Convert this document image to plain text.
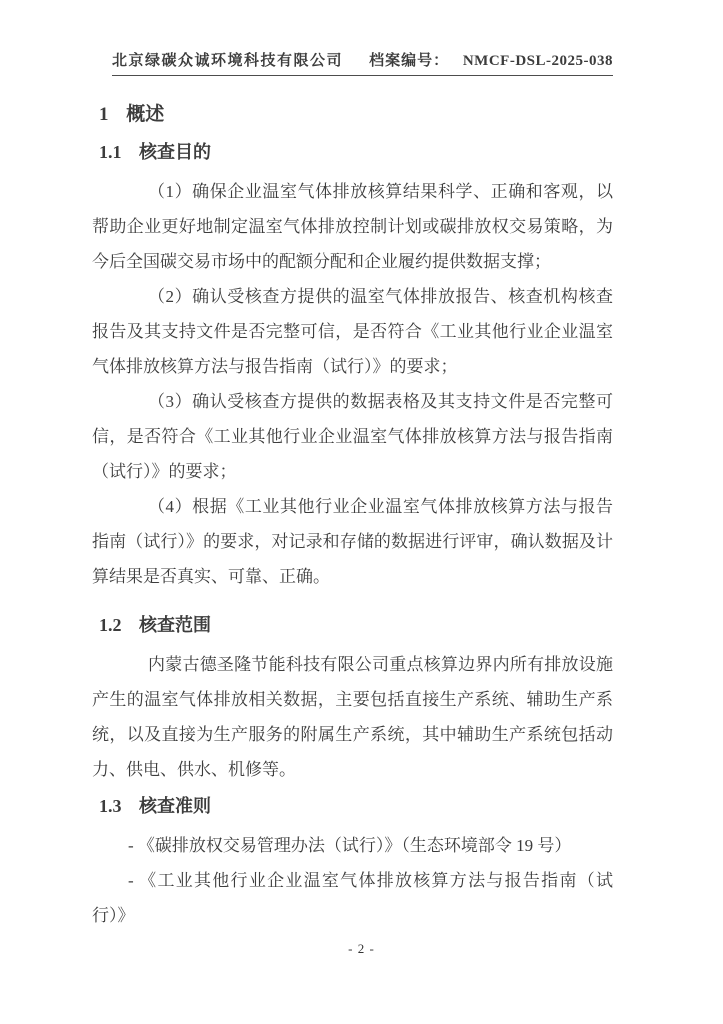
北京绿碳众诚环境科技有限公司 档案编号： NMCF-DSL-2025-038

1 概述

1.1 核查目的

（1）确保企业温室气体排放核算结果科学、正确和客观，以帮助企业更好地制定温室气体排放控制计划或碳排放权交易策略，为今后全国碳交易市场中的配额分配和企业履约提供数据支撑；

（2）确认受核查方提供的温室气体排放报告、核查机构核查报告及其支持文件是否完整可信，是否符合《工业其他行业企业温室气体排放核算方法与报告指南（试行）》的要求；

（3）确认受核查方提供的数据表格及其支持文件是否完整可信，是否符合《工业其他行业企业温室气体排放核算方法与报告指南（试行）》的要求；

（4）根据《工业其他行业企业温室气体排放核算方法与报告指南（试行）》的要求，对记录和存储的数据进行评审，确认数据及计算结果是否真实、可靠、正确。

1.2 核查范围

内蒙古德圣隆节能科技有限公司重点核算边界内所有排放设施产生的温室气体排放相关数据，主要包括直接生产系统、辅助生产系统，以及直接为生产服务的附属生产系统，其中辅助生产系统包括动力、供电、供水、机修等。

1.3 核查准则

- 《碳排放权交易管理办法（试行）》（生态环境部令 19 号）

- 《工业其他行业企业温室气体排放核算方法与报告指南（试行）》

- 2 -
